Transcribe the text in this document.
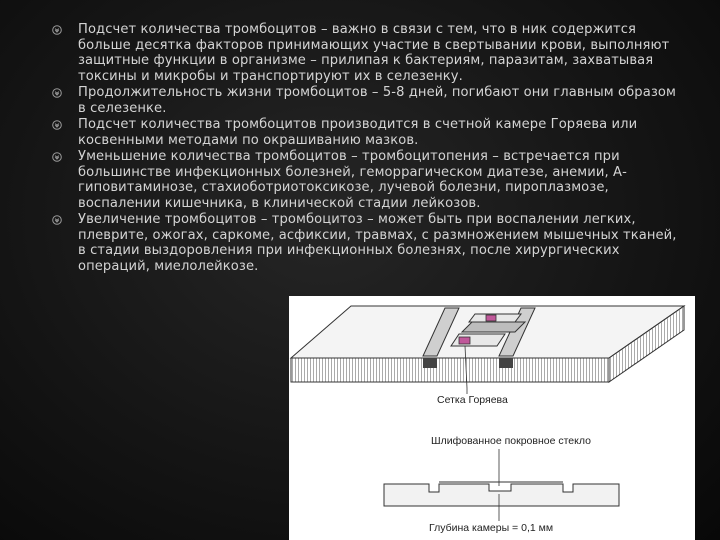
Подсчет количества тромбоцитов – важно в связи с тем, что в ник содержится больше десятка факторов принимающих участие в свертывании крови, выполняют защитные функции в организме – прилипая к бактериям, паразитам, захватывая токсины и микробы и транспортируют их в селезенку.
Продолжительность жизни тромбоцитов – 5-8 дней, погибают они главным образом в селезенке.
Подсчет количества тромбоцитов производится в счетной камере Горяева или косвенными методами по окрашиванию мазков.
Уменьшение количества тромбоцитов – тромбоцитопения – встречается при большинстве инфекционных болезней, геморрагическом диатезе, анемии, А-гиповитаминозе, стахиоботриотоксикозе, лучевой болезни, пироплазмозе, воспалении кишечника, в клинической стадии лейкозов.
Увеличение тромбоцитов – тромбоцитоз – может быть при воспалении легких, плеврите, ожогах, саркоме, асфиксии, травмах, с размножением мышечных тканей, в стадии выздоровления при инфекционных болезнях, после хирургических операций, миелолейкозе.
Сетка Горяева
Шлифованное покровное стекло
Глубина камеры = 0,1 мм
